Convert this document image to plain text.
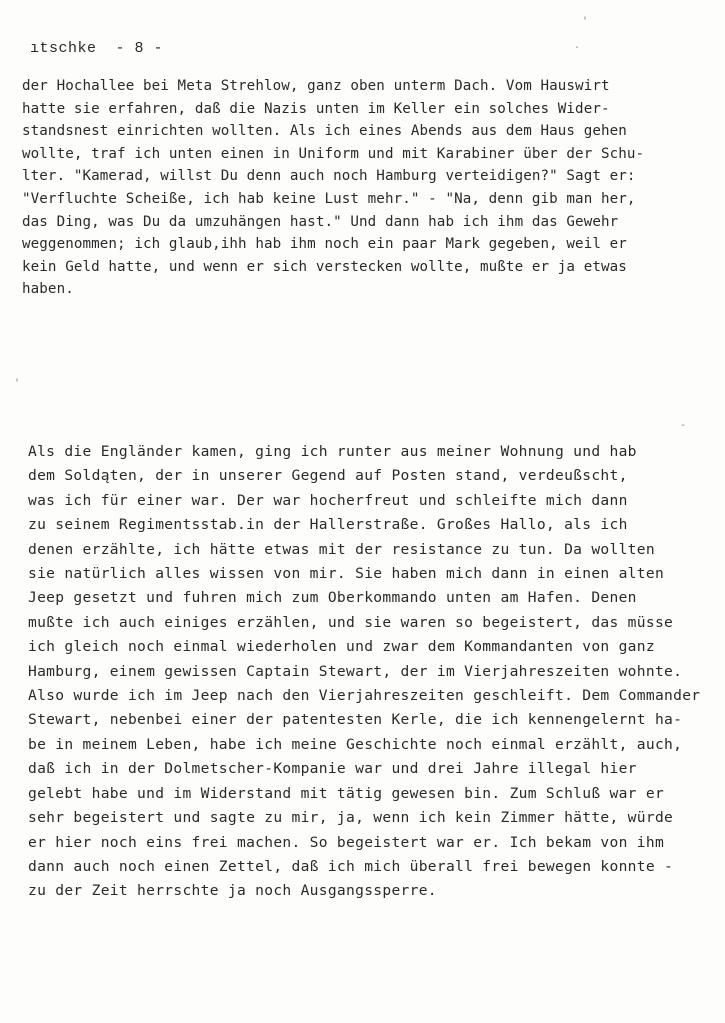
'
.
'
-
ıtschke  - 8 -
der Hochallee bei Meta Strehlow, ganz oben unterm Dach. Vom Hauswirt
hatte sie erfahren, daß die Nazis unten im Keller ein solches Wider-
standsnest einrichten wollten. Als ich eines Abends aus dem Haus gehen
wollte, traf ich unten einen in Uniform und mit Karabiner über der Schu-
lter. "Kamerad, willst Du denn auch noch Hamburg verteidigen?" Sagt er:
"Verfluchte Scheiße, ich hab keine Lust mehr." - "Na, denn gib man her,
das Ding, was Du da umzuhängen hast." Und dann hab ich ihm das Gewehr
weggenommen; ich glaub,ihh hab ihm noch ein paar Mark gegeben, weil er
kein Geld hatte, und wenn er sich verstecken wollte, mußte er ja etwas
haben.
Als die Engländer kamen, ging ich runter aus meiner Wohnung und hab
dem Soldąten, der in unserer Gegend auf Posten stand, verdeußscht,
was ich für einer war. Der war hocherfreut und schleifte mich dann
zu seinem Regimentsstab.in der Hallerstraße. Großes Hallo, als ich
denen erzählte, ich hätte etwas mit der resistance zu tun. Da wollten
sie natürlich alles wissen von mir. Sie haben mich dann in einen alten
Jeep gesetzt und fuhren mich zum Oberkommando unten am Hafen. Denen
mußte ich auch einiges erzählen, und sie waren so begeistert, das müsse
ich gleich noch einmal wiederholen und zwar dem Kommandanten von ganz
Hamburg, einem gewissen Captain Stewart, der im Vierjahreszeiten wohnte.
Also wurde ich im Jeep nach den Vierjahreszeiten geschleift. Dem Commander
Stewart, nebenbei einer der patentesten Kerle, die ich kennengelernt ha-
be in meinem Leben, habe ich meine Geschichte noch einmal erzählt, auch,
daß ich in der Dolmetscher-Kompanie war und drei Jahre illegal hier
gelebt habe und im Widerstand mit tätig gewesen bin. Zum Schluß war er
sehr begeistert und sagte zu mir, ja, wenn ich kein Zimmer hätte, würde
er hier noch eins frei machen. So begeistert war er. Ich bekam von ihm
dann auch noch einen Zettel, daß ich mich überall frei bewegen konnte -
zu der Zeit herrschte ja noch Ausgangssperre.
